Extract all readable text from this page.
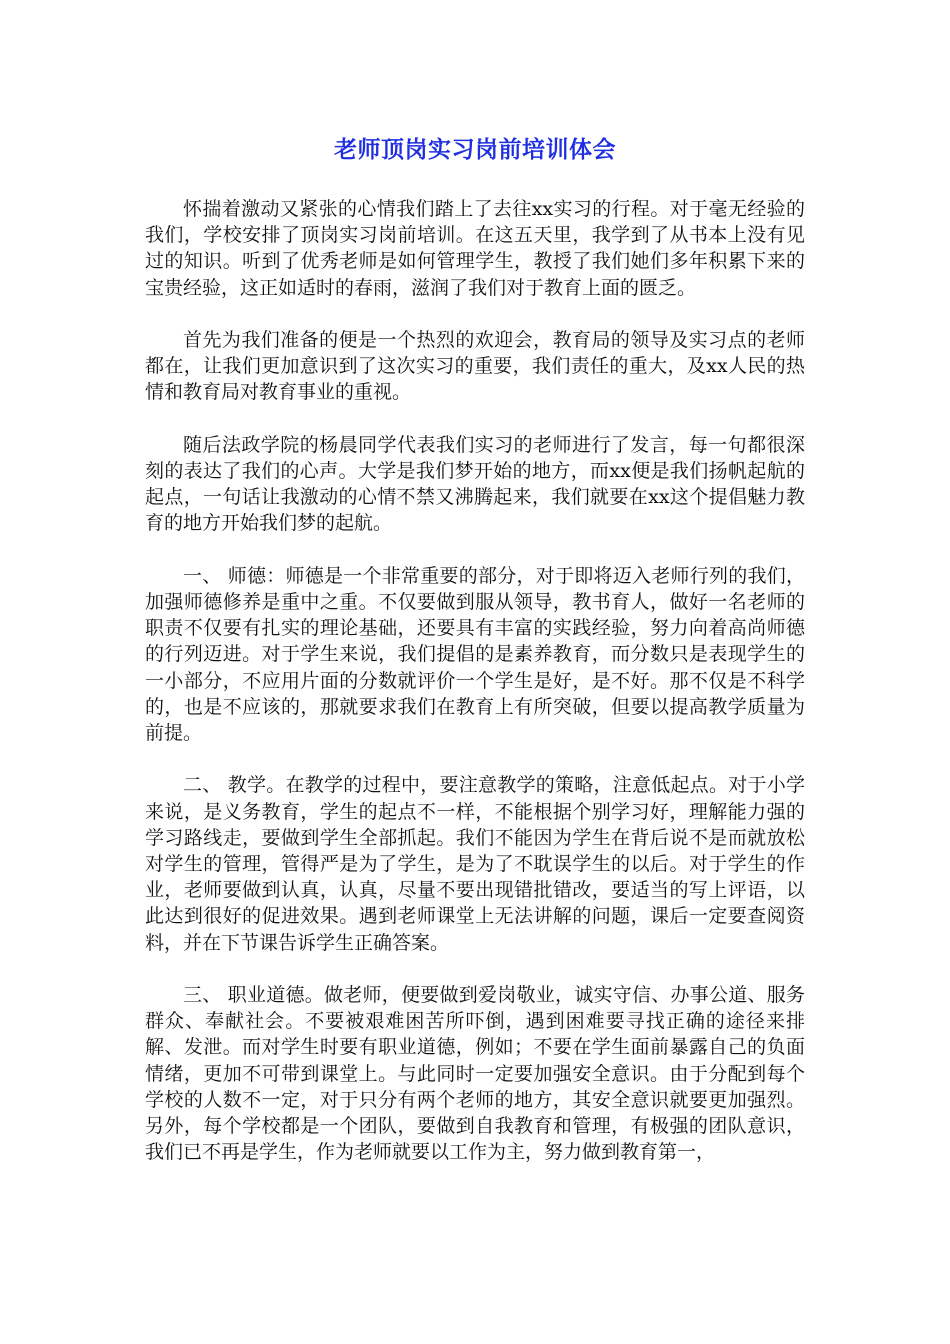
老师顶岗实习岗前培训体会

怀揣着激动又紧张的心情我们踏上了去往xx实习的行程。对于毫无经验的我们，学校安排了顶岗实习岗前培训。在这五天里，我学到了从书本上没有见过的知识。听到了优秀老师是如何管理学生，教授了我们她们多年积累下来的宝贵经验，这正如适时的春雨，滋润了我们对于教育上面的匮乏。

首先为我们准备的便是一个热烈的欢迎会，教育局的领导及实习点的老师都在，让我们更加意识到了这次实习的重要，我们责任的重大，及xx人民的热情和教育局对教育事业的重视。

随后法政学院的杨晨同学代表我们实习的老师进行了发言，每一句都很深刻的表达了我们的心声。大学是我们梦开始的地方，而xx便是我们扬帆起航的起点，一句话让我激动的心情不禁又沸腾起来，我们就要在xx这个提倡魅力教育的地方开始我们梦的起航。

一、 师德：师德是一个非常重要的部分，对于即将迈入老师行列的我们，加强师德修养是重中之重。不仅要做到服从领导，教书育人，做好一名老师的职责不仅要有扎实的理论基础，还要具有丰富的实践经验，努力向着高尚师德的行列迈进。对于学生来说，我们提倡的是素养教育，而分数只是表现学生的一小部分，不应用片面的分数就评价一个学生是好，是不好。那不仅是不科学的，也是不应该的，那就要求我们在教育上有所突破，但要以提高教学质量为前提。

二、 教学。在教学的过程中，要注意教学的策略，注意低起点。对于小学来说，是义务教育，学生的起点不一样，不能根据个别学习好，理解能力强的学习路线走，要做到学生全部抓起。我们不能因为学生在背后说不是而就放松对学生的管理，管得严是为了学生，是为了不耽误学生的以后。对于学生的作业，老师要做到认真，认真，尽量不要出现错批错改，要适当的写上评语，以此达到很好的促进效果。遇到老师课堂上无法讲解的问题，课后一定要查阅资料，并在下节课告诉学生正确答案。

三、 职业道德。做老师，便要做到爱岗敬业，诚实守信、办事公道、服务群众、奉献社会。不要被艰难困苦所吓倒，遇到困难要寻找正确的途径来排解、发泄。而对学生时要有职业道德，例如；不要在学生面前暴露自己的负面情绪，更加不可带到课堂上。与此同时一定要加强安全意识。由于分配到每个学校的人数不一定，对于只分有两个老师的地方，其安全意识就要更加强烈。另外，每个学校都是一个团队，要做到自我教育和管理，有极强的团队意识，我们已不再是学生，作为老师就要以工作为主，努力做到教育第一，
